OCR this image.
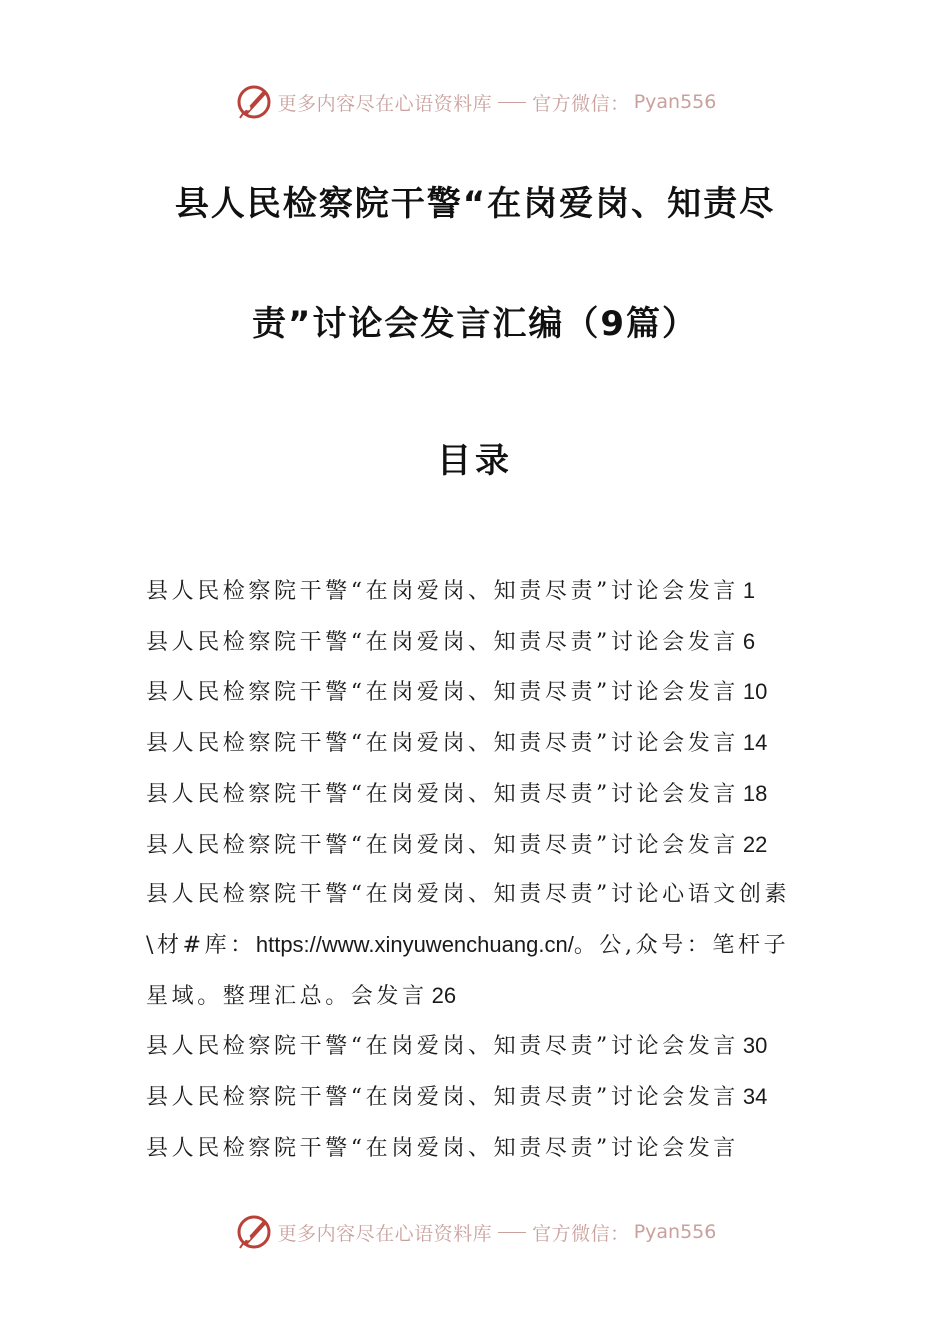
更多内容尽在心语资料库 官方微信： Pyan556
县人民检察院干警“在岗爱岗、知责尽
责”讨论会发言汇编（9篇）
目录
县人民检察院干警“在岗爱岗、知责尽责”讨论会发言 1
县人民检察院干警“在岗爱岗、知责尽责”讨论会发言 6
县人民检察院干警“在岗爱岗、知责尽责”讨论会发言 10
县人民检察院干警“在岗爱岗、知责尽责”讨论会发言 14
县人民检察院干警“在岗爱岗、知责尽责”讨论会发言 18
县人民检察院干警“在岗爱岗、知责尽责”讨论会发言 22
县人民检察院干警“在岗爱岗、知责尽责”讨论心语文创素\材#库：https://www.xinyuwenchuang.cn/。公,众号：笔杆子星域。整理汇总。会发言 26
县人民检察院干警“在岗爱岗、知责尽责”讨论会发言 30
县人民检察院干警“在岗爱岗、知责尽责”讨论会发言 34
县人民检察院干警“在岗爱岗、知责尽责”讨论会发言
更多内容尽在心语资料库 官方微信： Pyan556
